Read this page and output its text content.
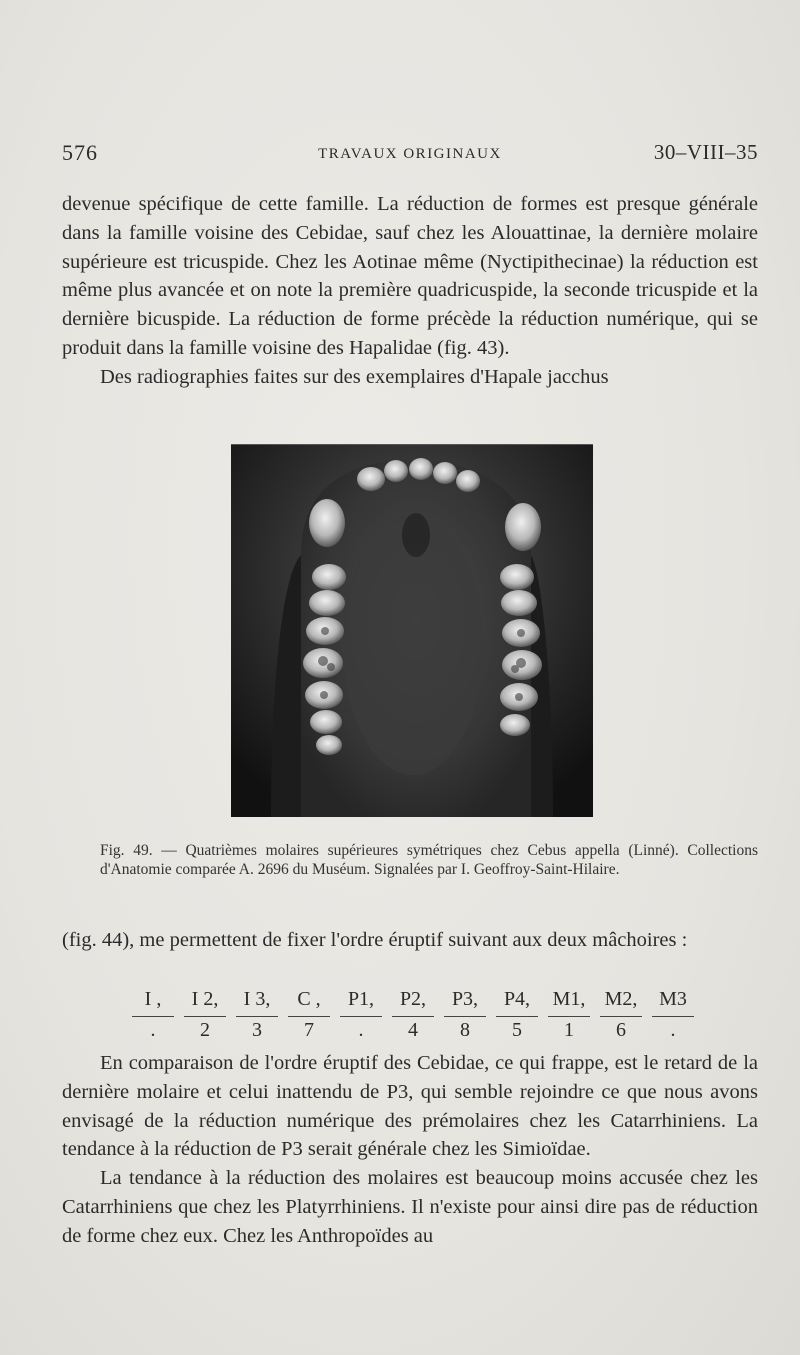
576	TRAVAUX ORIGINAUX	30–VIII–35

devenue spécifique de cette famille. La réduction de formes est presque générale dans la famille voisine des Cebidae, sauf chez les Alouattinae, la dernière molaire supérieure est tricuspide. Chez les Aotinae même (Nyctipithecinae) la réduction est même plus avancée et on note la première quadricuspide, la seconde tricuspide et la dernière bicuspide. La réduction de forme précède la réduction numérique, qui se produit dans la famille voisine des Hapalidae (fig. 43).

Des radiographies faites sur des exemplaires d'Hapale jacchus

Fig. 49. — Quatrièmes molaires supérieures symétriques chez Cebus appella (Linné). Collections d'Anatomie comparée A. 2696 du Muséum. Signalées par I. Geoffroy-Saint-Hilaire.
(fig. 44), me permettent de fixer l'ordre éruptif suivant aux deux mâchoires :
I ,
.
I 2,
2
I 3,
3
C ,
7
P1,
.
P2,
4
P3,
8
P4,
5
M1,
1
M2,
6
M3
.

En comparaison de l'ordre éruptif des Cebidae, ce qui frappe, est le retard de la dernière molaire et celui inattendu de P3, qui semble rejoindre ce que nous avons envisagé de la réduction numérique des prémolaires chez les Catarrhiniens. La tendance à la réduction de P3 serait générale chez les Simioïdae.

La tendance à la réduction des molaires est beaucoup moins accusée chez les Catarrhiniens que chez les Platyrrhiniens. Il n'existe pour ainsi dire pas de réduction de forme chez eux. Chez les Anthropoïdes au
